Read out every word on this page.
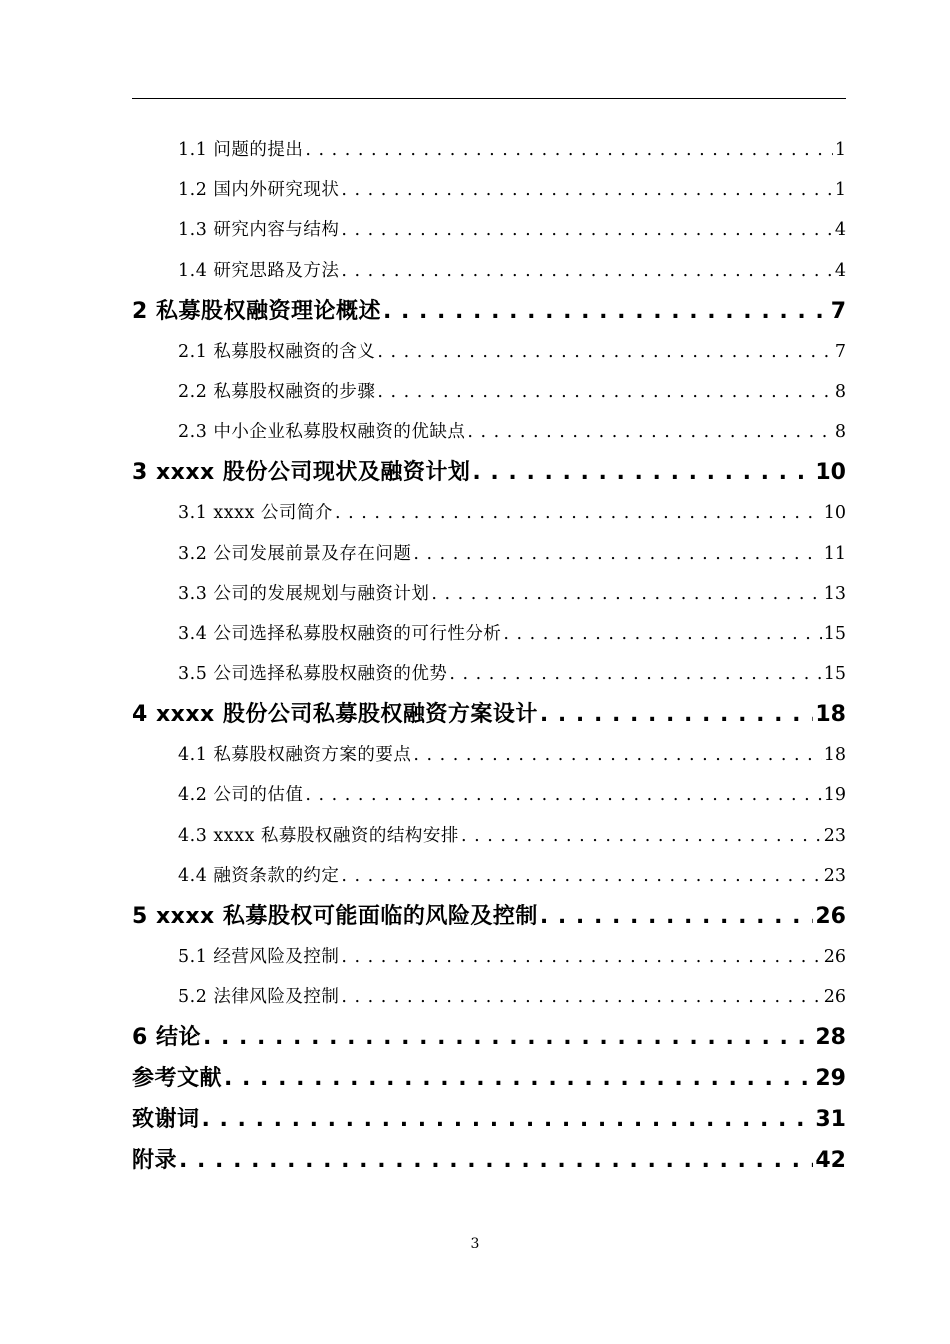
1.1 问题的提出 . . .	1
1.2 国内外研究现状 . . .	1
1.3 研究内容与结构 . . .	4
1.4 研究思路及方法 . . .	4
2 私募股权融资理论概述 . . .	7
2.1 私募股权融资的含义 . . .	7
2.2 私募股权融资的步骤 . . .	8
2.3 中小企业私募股权融资的优缺点 . . .	8
3 xxxx 股份公司现状及融资计划 . . .	10
3.1 xxxx 公司简介 . . .	10
3.2 公司发展前景及存在问题 . . .	11
3.3 公司的发展规划与融资计划 . . .	13
3.4 公司选择私募股权融资的可行性分析 . . .	15
3.5 公司选择私募股权融资的优势 . . .	15
4 xxxx 股份公司私募股权融资方案设计 . . .	18
4.1 私募股权融资方案的要点 . . .	18
4.2 公司的估值 . . .	19
4.3 xxxx 私募股权融资的结构安排 . . .	23
4.4 融资条款的约定 . . .	23
5 xxxx 私募股权可能面临的风险及控制 . . .	26
5.1 经营风险及控制 . . .	26
5.2 法律风险及控制 . . .	26
6 结论 . . .	28
参考文献 . . .	29
致谢词 . . .	31
附录 . . .	42
3
